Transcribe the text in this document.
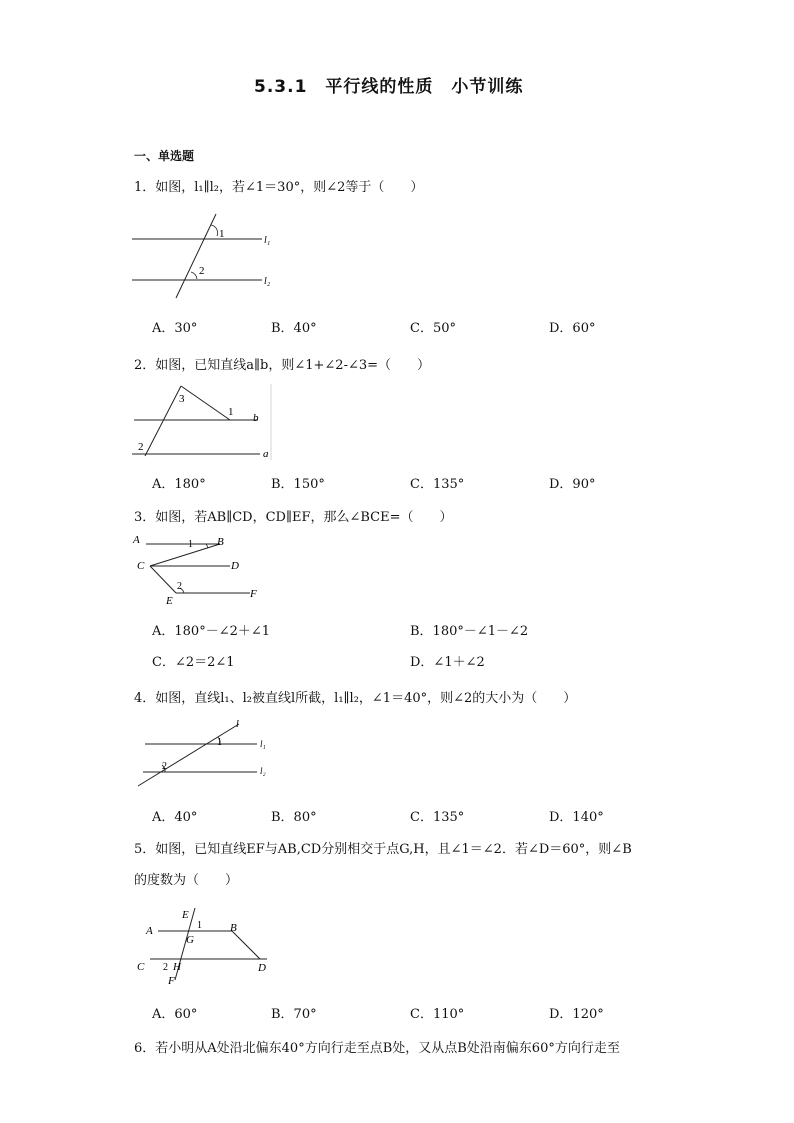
5.3.1　平行线的性质　小节训练
一、单选题
1．如图，l₁∥l₂，若∠1＝30°，则∠2等于（　　）
1
2
l₁
l₂
A．30°	B．40°	C．50°	D．60°
2．如图，已知直线a∥b，则∠1+∠2-∠3=（　　）
3
1 b
2
a
A．180°	B．150°	C．135°	D．90°
3．如图，若AB∥CD，CD∥EF，那么∠BCE=（　　）
A	1 B
C	D
2
E
F
A．180°－∠2＋∠1	B．180°－∠1－∠2
C．∠2＝2∠1	D．∠1＋∠2
4．如图，直线l₁、l₂被直线l所截，l₁∥l₂，∠1＝40°，则∠2的大小为（　　）
l
1	l₁
2	l₂
A．40°	B．80°	C．135°	D．140°
5．如图，已知直线EF与AB,CD分别相交于点G,H，且∠1＝∠2．若∠D＝60°，则∠B
的度数为（　　）
E
1
A
G
B
C 2 H	D
F
A．60°	B．70°	C．110°	D．120°
6．若小明从A处沿北偏东40°方向行走至点B处，又从点B处沿南偏东60°方向行走至
